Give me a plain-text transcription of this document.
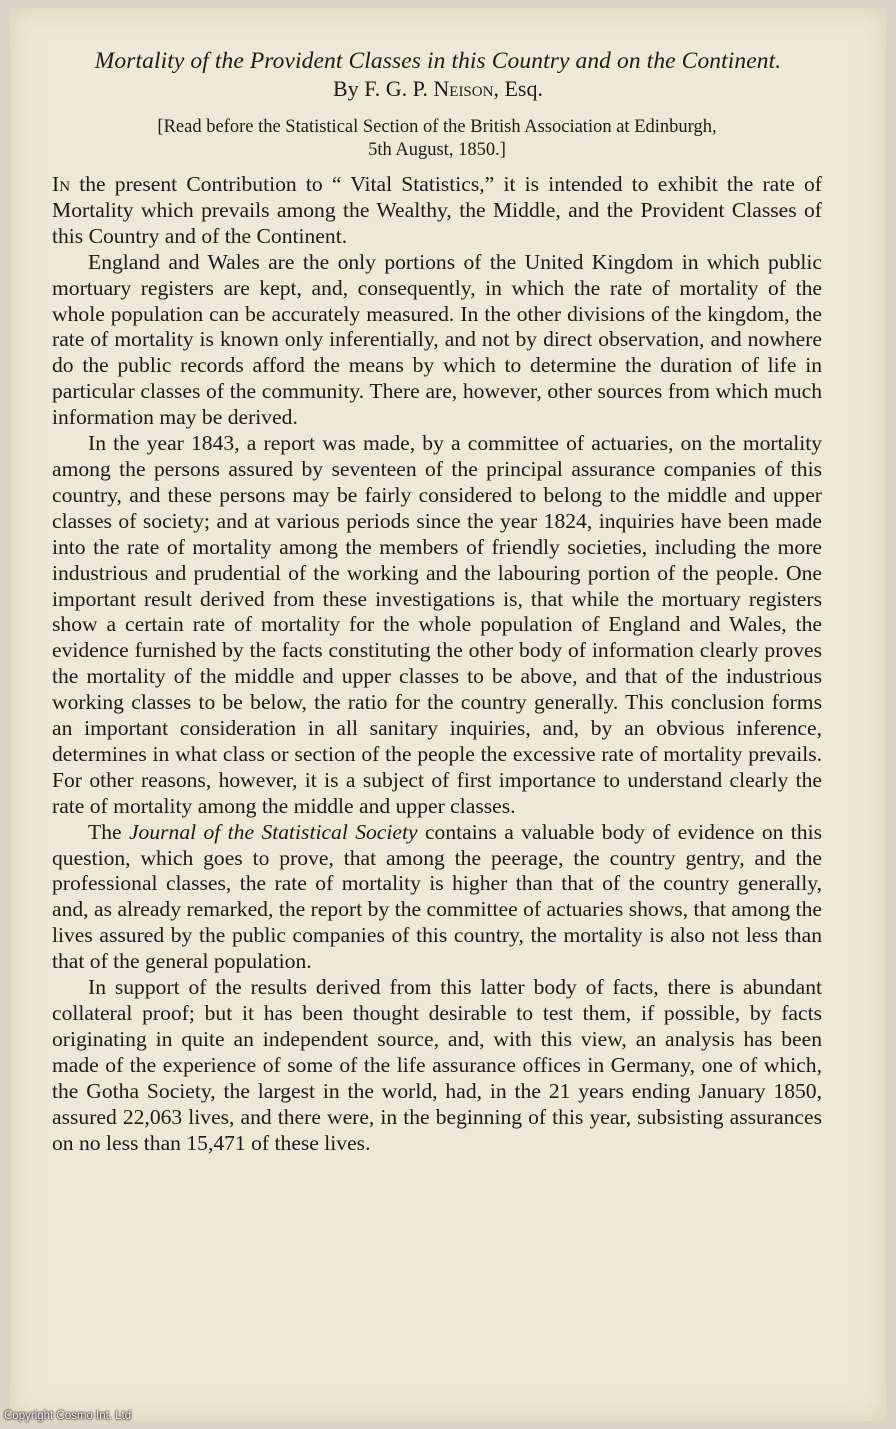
Mortality of the Provident Classes in this Country and on the Continent.
By F. G. P. Neison, Esq.
[Read before the Statistical Section of the British Association at Edinburgh,
5th August, 1850.]

In the present Contribution to “ Vital Statistics,” it is intended to exhibit the rate of Mortality which prevails among the Wealthy, the Middle, and the Provident Classes of this Country and of the Continent.

England and Wales are the only portions of the United Kingdom in which public mortuary registers are kept, and, consequently, in which the rate of mortality of the whole population can be accurately measured. In the other divisions of the kingdom, the rate of mortality is known only inferentially, and not by direct observation, and nowhere do the public records afford the means by which to determine the duration of life in particular classes of the community. There are, however, other sources from which much information may be derived.

In the year 1843, a report was made, by a committee of actuaries, on the mortality among the persons assured by seventeen of the principal assurance companies of this country, and these persons may be fairly considered to belong to the middle and upper classes of society; and at various periods since the year 1824, inquiries have been made into the rate of mortality among the members of friendly societies, including the more industrious and prudential of the working and the labouring portion of the people. One important result derived from these investigations is, that while the mortuary registers show a certain rate of mortality for the whole population of England and Wales, the evidence furnished by the facts constituting the other body of information clearly proves the mortality of the middle and upper classes to be above, and that of the industrious working classes to be below, the ratio for the country generally. This conclusion forms an important consideration in all sanitary inquiries, and, by an obvious inference, determines in what class or section of the people the excessive rate of mortality prevails. For other reasons, however, it is a subject of first importance to understand clearly the rate of mortality among the middle and upper classes.

The Journal of the Statistical Society contains a valuable body of evidence on this question, which goes to prove, that among the peerage, the country gentry, and the professional classes, the rate of mortality is higher than that of the country generally, and, as already remarked, the report by the committee of actuaries shows, that among the lives assured by the public companies of this country, the mortality is also not less than that of the general population.

In support of the results derived from this latter body of facts, there is abundant collateral proof; but it has been thought desirable to test them, if possible, by facts originating in quite an independent source, and, with this view, an analysis has been made of the experience of some of the life assurance offices in Germany, one of which, the Gotha Society, the largest in the world, had, in the 21 years ending January 1850, assured 22,063 lives, and there were, in the beginning of this year, subsisting assurances on no less than 15,471 of these lives.

Copyright Cosmo Int. Ltd
